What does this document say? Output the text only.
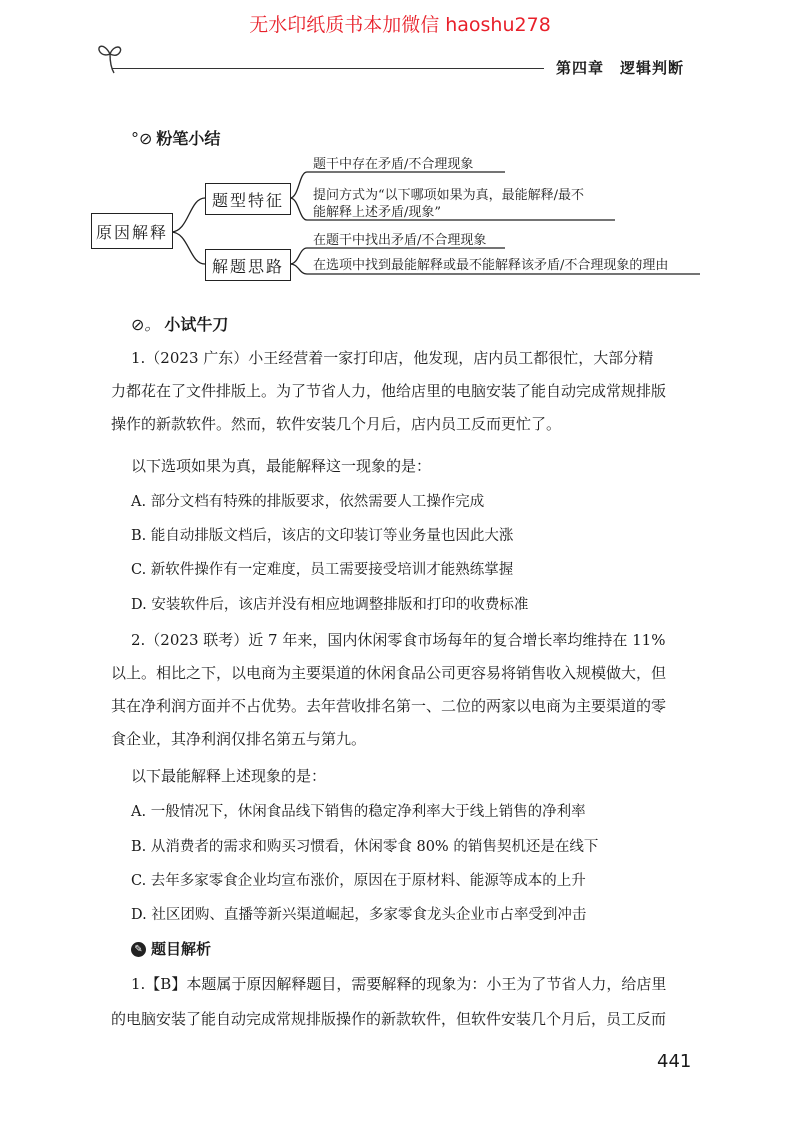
无水印纸质书本加微信 haoshu278
第四章　逻辑判断
°⊘ 粉笔小结
原因解释
题型特征
解题思路
题干中存在矛盾/不合理现象
提问方式为“以下哪项如果为真，最能解释/最不
能解释上述矛盾/现象”
在题干中找出矛盾/不合理现象
在选项中找到最能解释或最不能解释该矛盾/不合理现象的理由
⊘。 小试牛刀
1.（2023 广东）小王经营着一家打印店，他发现，店内员工都很忙，大部分精
力都花在了文件排版上。为了节省人力，他给店里的电脑安装了能自动完成常规排版
操作的新款软件。然而，软件安装几个月后，店内员工反而更忙了。
以下选项如果为真，最能解释这一现象的是：
A. 部分文档有特殊的排版要求，依然需要人工操作完成
B. 能自动排版文档后，该店的文印装订等业务量也因此大涨
C. 新软件操作有一定难度，员工需要接受培训才能熟练掌握
D. 安装软件后，该店并没有相应地调整排版和打印的收费标准
2.（2023 联考）近 7 年来，国内休闲零食市场每年的复合增长率均维持在 11%
以上。相比之下，以电商为主要渠道的休闲食品公司更容易将销售收入规模做大，但
其在净利润方面并不占优势。去年营收排名第一、二位的两家以电商为主要渠道的零
食企业，其净利润仅排名第五与第九。
以下最能解释上述现象的是：
A. 一般情况下，休闲食品线下销售的稳定净利率大于线上销售的净利率
B. 从消费者的需求和购买习惯看，休闲零食 80% 的销售契机还是在线下
C. 去年多家零食企业均宣布涨价，原因在于原材料、能源等成本的上升
D. 社区团购、直播等新兴渠道崛起，多家零食龙头企业市占率受到冲击
✎ 题目解析
1.【B】本题属于原因解释题目，需要解释的现象为：小王为了节省人力，给店里
的电脑安装了能自动完成常规排版操作的新款软件，但软件安装几个月后，员工反而
441
